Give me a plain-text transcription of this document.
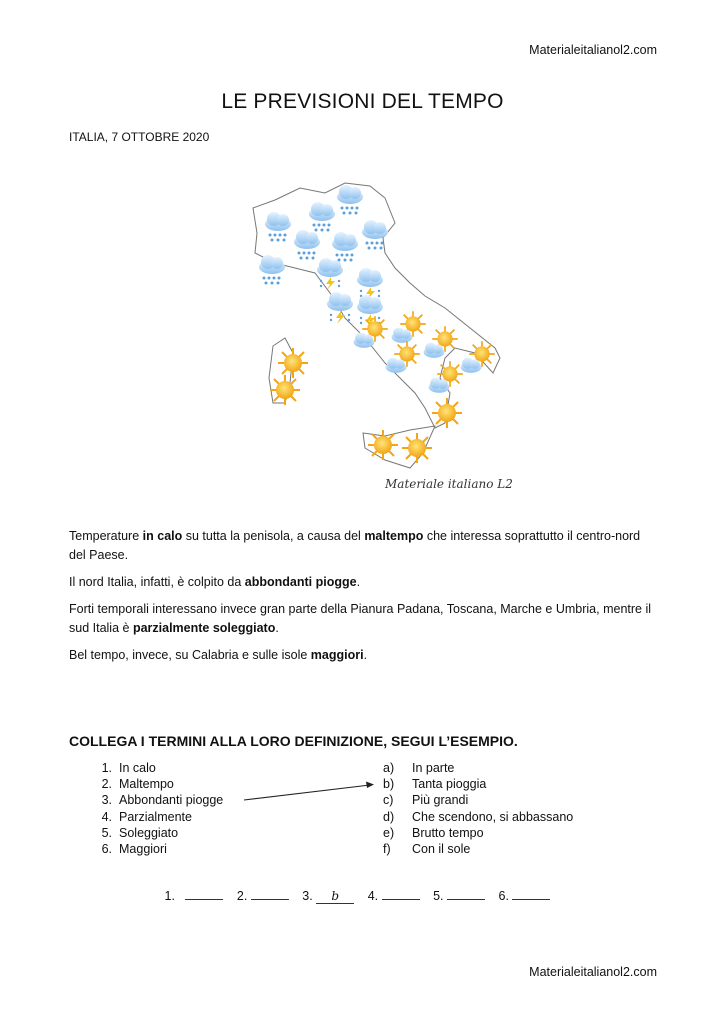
Materialeitalianol2.com
LE PREVISIONI DEL TEMPO
ITALIA, 7 OTTOBRE 2020
Materiale italiano L2
Temperature in calo su tutta la penisola, a causa del maltempo che interessa soprattutto il centro-nord del Paese.
Il nord Italia, infatti, è colpito da abbondanti piogge.
Forti temporali interessano invece gran parte della Pianura Padana, Toscana, Marche e Umbria, mentre il sud Italia è parzialmente soleggiato.
Bel tempo, invece, su Calabria e sulle isole maggiori.
COLLEGA I TERMINI ALLA LORO DEFINIZIONE, SEGUI L’ESEMPIO.
1. In calo
2. Maltempo
3. Abbondanti piogge
4. Parzialmente
5. Soleggiato
6. Maggiori
a) In parte
b) Tanta pioggia
c) Più grandi
d) Che scendono, si abbassano
e) Brutto tempo
f)	Con il sole
1.	2.	3. b 4.	5.	6.
Materialeitalianol2.com
